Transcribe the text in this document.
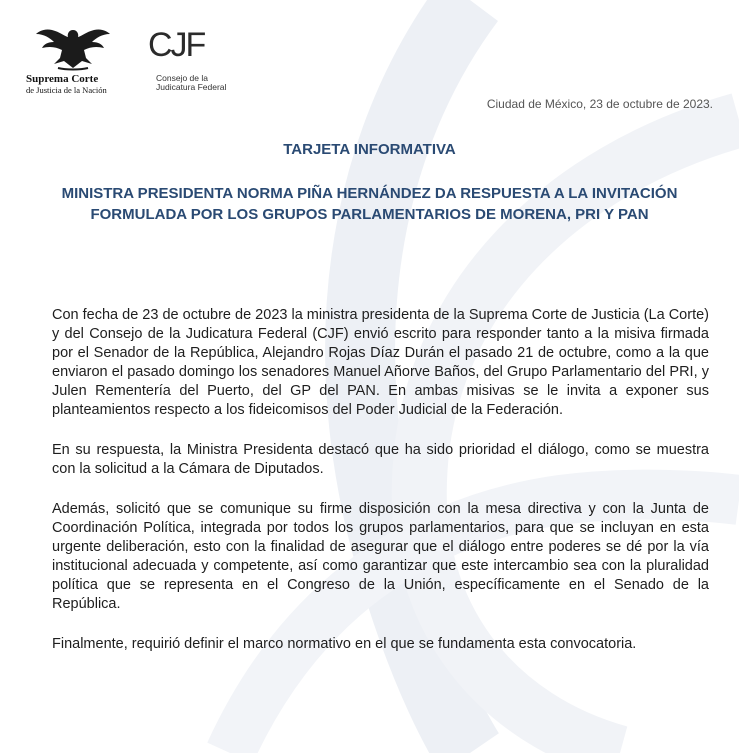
Suprema Corte
de Justicia de la Nación
CJF
Consejo de la
Judicatura Federal
Ciudad de México, 23 de octubre de 2023.
TARJETA INFORMATIVA
MINISTRA PRESIDENTA NORMA PIÑA HERNÁNDEZ DA RESPUESTA A LA INVITACIÓN FORMULADA POR LOS GRUPOS PARLAMENTARIOS DE MORENA, PRI Y PAN

Con fecha de 23 de octubre de 2023 la ministra presidenta de la Suprema Corte de Justicia (La Corte) y del Consejo de la Judicatura Federal (CJF) envió escrito para responder tanto a la misiva firmada por el Senador de la República, Alejandro Rojas Díaz Durán el pasado 21 de octubre, como a la que enviaron el pasado domingo los senadores Manuel Añorve Baños, del Grupo Parlamentario del PRI, y Julen Rementería del Puerto, del GP del PAN. En ambas misivas se le invita a exponer sus planteamientos respecto a los fideicomisos del Poder Judicial de la Federación.

En su respuesta, la Ministra Presidenta destacó que ha sido prioridad el diálogo, como se muestra con la solicitud a la Cámara de Diputados.

Además, solicitó que se comunique su firme disposición con la mesa directiva y con la Junta de Coordinación Política, integrada por todos los grupos parlamentarios, para que se incluyan en esta urgente deliberación, esto con la finalidad de asegurar que el diálogo entre poderes se dé por la vía institucional adecuada y competente, así como garantizar que este intercambio sea con la pluralidad política que se representa en el Congreso de la Unión, específicamente en el Senado de la República.

Finalmente, requirió definir el marco normativo en el que se fundamenta esta convocatoria.
